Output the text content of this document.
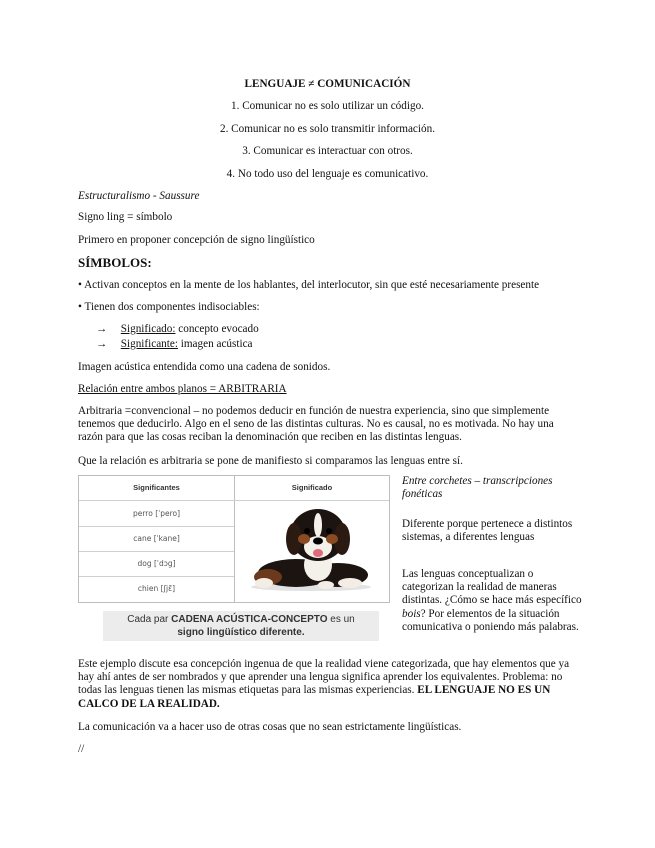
LENGUAJE ≠ COMUNICACIÓN
1. Comunicar no es solo utilizar un código.
2. Comunicar no es solo transmitir información.
3. Comunicar es interactuar con otros.
4. No todo uso del lenguaje es comunicativo.
Estructuralismo - Saussure
Signo ling = símbolo
Primero en proponer concepción de signo lingüístico
SÍMBOLOS:
• Activan conceptos en la mente de los hablantes, del interlocutor, sin que esté necesariamente presente
• Tienen dos componentes indisociables:
→ Significado: concepto evocado
→ Significante: imagen acústica
Imagen acústica entendida como una cadena de sonidos.
Relación entre ambos planos = ARBITRARIA
Arbitraria =convencional – no podemos deducir en función de nuestra experiencia, sino que simplemente tenemos que deducirlo. Algo en el seno de las distintas culturas. No es causal, no es motivada. No hay una razón para que las cosas reciban la denominación que reciben en las distintas lenguas.
Que la relación es arbitraria se pone de manifiesto si comparamos las lenguas entre sí.
Significantes	Significado
perro [ˈpero]
cane [ˈkane]
dog [ˈdɔg]
chien [ʃjɛ̃]
Cada par CADENA ACÚSTICA-CONCEPTO es un
signo lingüístico diferente.
Entre corchetes – transcripciones fonéticas
Diferente porque pertenece a distintos sistemas, a diferentes lenguas
Las lenguas conceptualizan o categorizan la realidad de maneras distintas. ¿Cómo se hace más específico bois? Por elementos de la situación comunicativa o poniendo más palabras.
Este ejemplo discute esa concepción ingenua de que la realidad viene categorizada, que hay elementos que ya hay ahí antes de ser nombrados y que aprender una lengua significa aprender los equivalentes. Problema: no todas las lenguas tienen las mismas etiquetas para las mismas experiencias. EL LENGUAJE NO ES UN CALCO DE LA REALIDAD.
La comunicación va a hacer uso de otras cosas que no sean estrictamente lingüísticas.
//
